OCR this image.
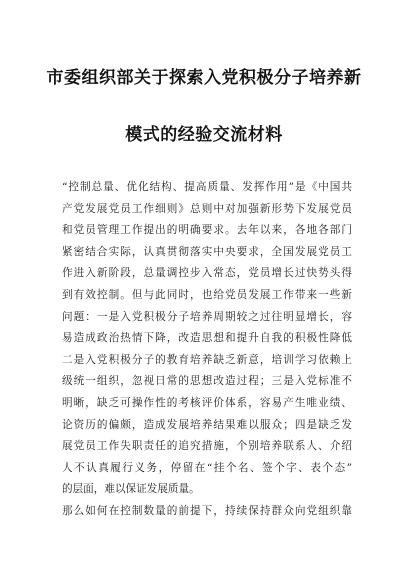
市委组织部关于探索入党积极分子培养新
模式的经验交流材料
“控制总量、优化结构、提高质量、发挥作用”是《中国共
产党发展党员工作细则》总则中对加强新形势下发展党员
和党员管理工作提出的明确要求。去年以来，各地各部门
紧密结合实际，认真贯彻落实中央要求，全国发展党员工
作进入新阶段，总量调控步入常态，党员增长过快势头得
到有效控制。但与此同时，也给党员发展工作带来一些新
问题：一是入党积极分子培养周期较之过往明显增长，容
易造成政治热情下降，改造思想和提升自我的积极性降低
二是入党积极分子的教育培养缺乏新意，培训学习依赖上
级统一组织，忽视日常的思想改造过程；三是入党标准不
明晰，缺乏可操作性的考核评价体系，容易产生唯业绩、
论资历的偏颇，造成发展培养结果难以服众；四是缺乏发
展党员工作失职责任的追究措施，个别培养联系人、介绍
人不认真履行义务，停留在“挂个名、签个字、表个态”
的层面，难以保证发展质量。
那么如何在控制数量的前提下，持续保持群众向党组织靠
